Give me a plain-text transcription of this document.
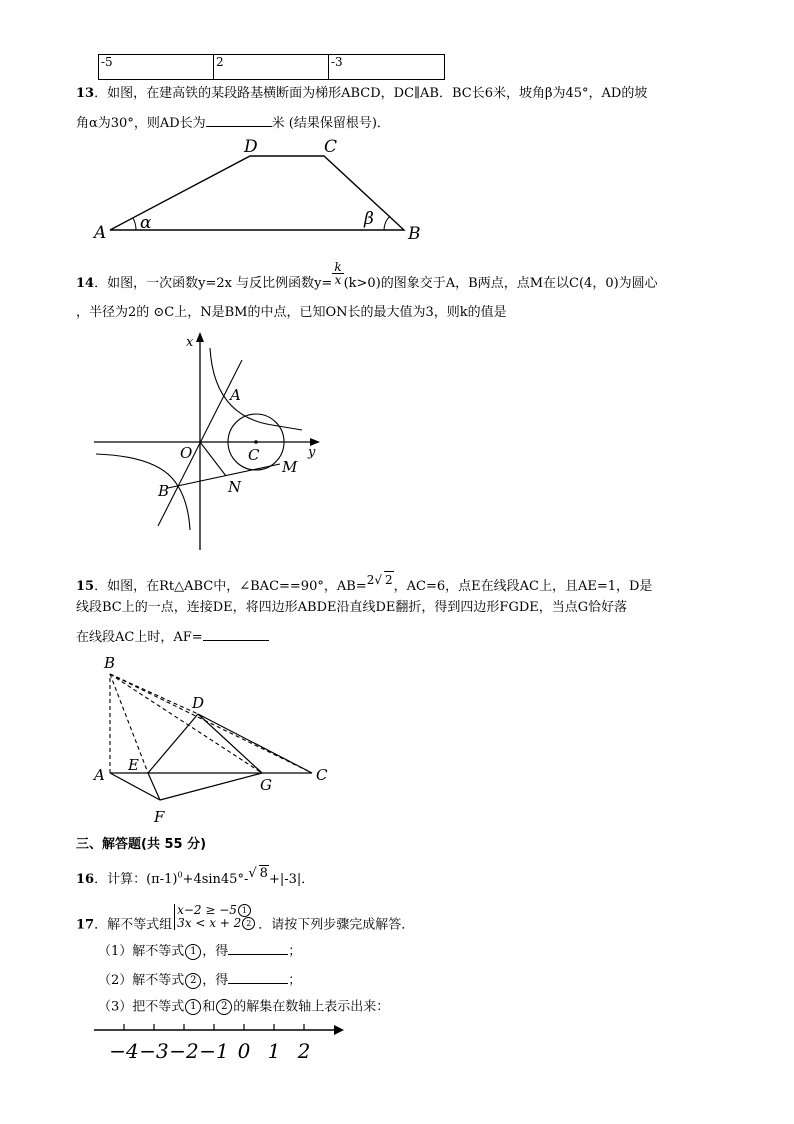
-5	2	-3
13．如图，在建高铁的某段路基横断面为梯形ABCD，DC∥AB．BC长6米，坡角β为45°，AD的坡
角α为30°，则AD长为	米 (结果保留根号)．
A	B
C
D
α	β
14．如图，一次函数y=2x 与反比例函数$y= \frac{k}{x} (k>0)$的图象交于A，B两点，点M在以C(4，0)为圆心
，半径为2的 ⊙C上，N是BM的中点，已知ON长的最大值为3，则k的值是
x
y
O
A
B
C
M
N
15．如图，在Rt△ABC中，∠BAC==90°，AB=2√ 2，AC=6，点E在线段AC上，且AE=1，D是
线段BC上的一点，连接DE，将四边形ABDE沿直线DE翻折，得到四边形FGDE，当点G恰好落
在线段AC上时，AF=
A
B
C
D
E
F
G
三、解答题(共 55 分)
16．计算：$(\pi-1)^0+4\sin 45^\circ-√$ 8+|-3|．
17．解不等式组
x−2 ≥ −5 1
3x < x + 2 2 ．请按下列步骤完成解答．
（1）解不等式 1 ，得	；
（2）解不等式 2 ，得	；
（3）把不等式 1 和 2 的解集在数轴上表示出来：
−4 −3 −2 −1 0 1 2
